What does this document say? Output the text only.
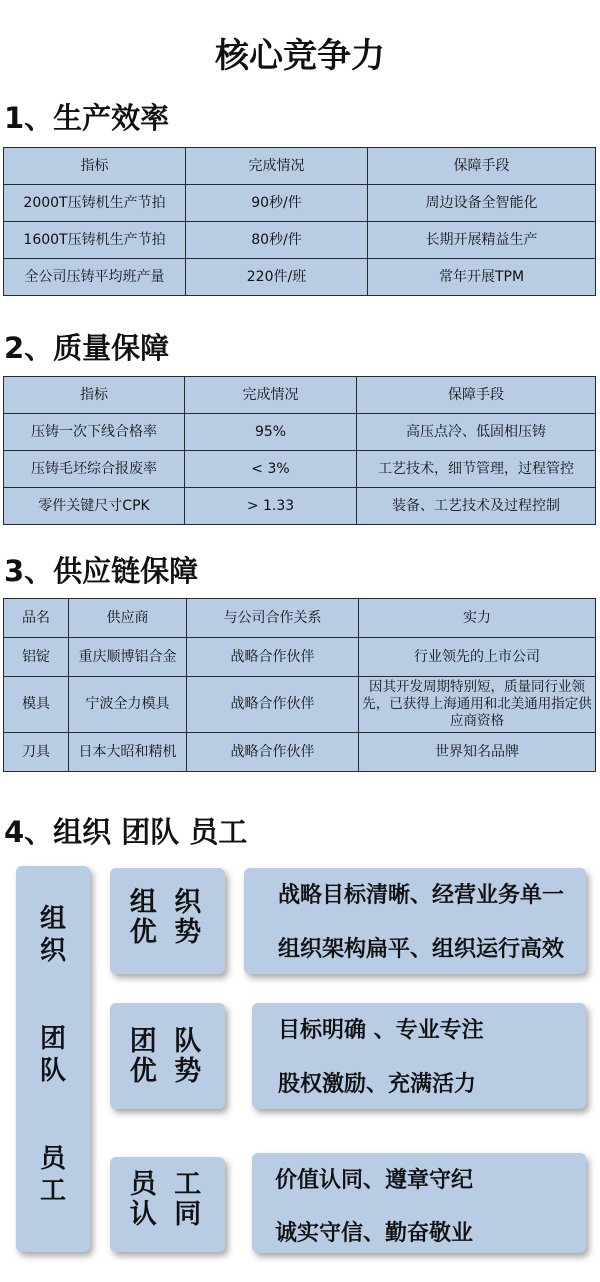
核心竞争力
1、生产效率
指标	完成情况	保障手段
2000T压铸机生产节拍	90秒/件	周边设备全智能化
1600T压铸机生产节拍	80秒/件	长期开展精益生产
全公司压铸平均班产量	220件/班	常年开展TPM
2、质量保障
指标	完成情况	保障手段
压铸一次下线合格率	95%	高压点冷、低固相压铸
压铸毛坯综合报废率	< 3%	工艺技术，细节管理，过程管控
零件关键尺寸CPK	> 1.33	装备、工艺技术及过程控制
3、供应链保障
品名	供应商	与公司合作关系	实力
铝锭	重庆顺博铝合金	战略合作伙伴	行业领先的上市公司
模具	宁波全力模具	战略合作伙伴	因其开发周期特别短，质量同行业领先，已获得上海通用和北美通用指定供应商资格
刀具	日本大昭和精机	战略合作伙伴	世界知名品牌
4、组织 团队 员工
组
织
团
队
员
工
组 织
优 势
战略目标清晰、经营业务单一
组织架构扁平、组织运行高效
团 队
优 势
目标明确 、专业专注
股权激励、充满活力
员 工
认 同
价值认同、遵章守纪
诚实守信、勤奋敬业
